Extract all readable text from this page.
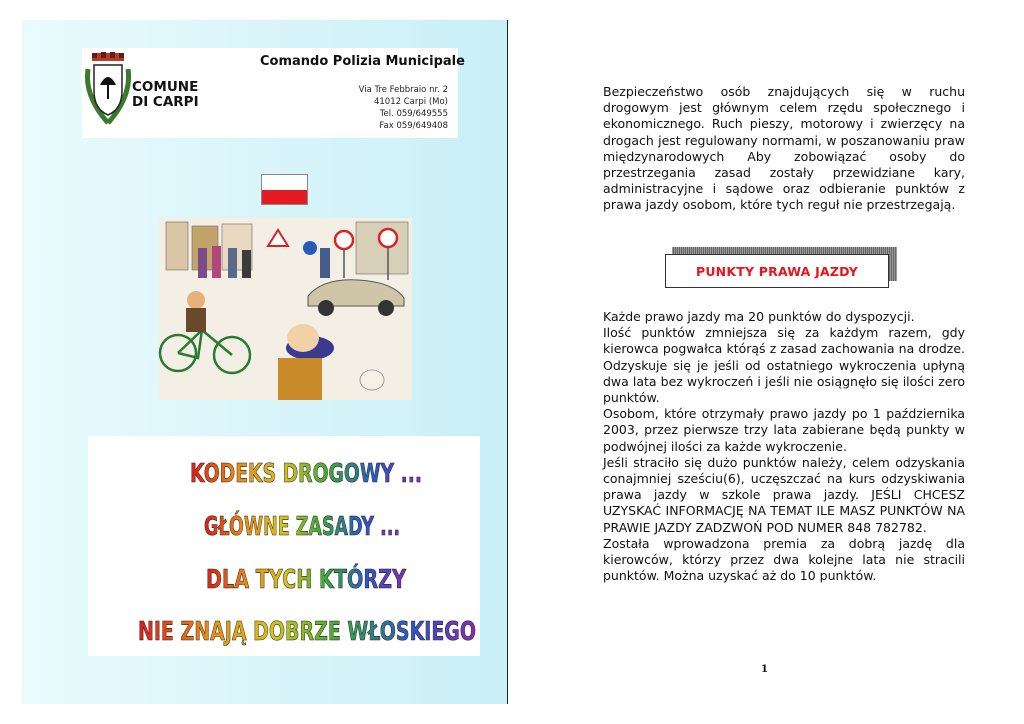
COMUNE
DI CARPI
Comando Polizia Municipale
Via Tre Febbraio nr. 2
41012 Carpi (Mo)
Tel. 059/649555
Fax 059/649408
KODEKS DROGOWY ...
GŁÓWNE ZASADY ...
DLA TYCH KTÓRZY
NIE ZNAJĄ DOBRZE WŁOSKIEGO

Bezpieczeństwo osób znajdujących się w ruchu drogowym jest głównym celem rzędu społecznego i ekonomicznego. Ruch pieszy, motorowy i zwierzęcy na drogach jest regulowany normami, w poszanowaniu praw międzynarodowych Aby zobowiązać osoby do przestrzegania zasad zostały przewidziane kary, administracyjne i sądowe oraz odbieranie punktów z prawa jazdy osobom, które tych reguł nie przestrzegają.

PUNKTY PRAWA JAZDY

Każde prawo jazdy ma 20 punktów do dyspozycji.

Ilość punktów zmniejsza się za każdym razem, gdy kierowca pogwałca którąś z zasad zachowania na drodze. Odzyskuje się je jeśli od ostatniego wykroczenia upłyną dwa lata bez wykroczeń i jeśli nie osiągnęło się ilości zero punktów.

Osobom, które otrzymały prawo jazdy po 1 października 2003, przez pierwsze trzy lata zabierane będą punkty w podwójnej ilości za każde wykroczenie.

Jeśli straciło się dużo punktów należy, celem odzyskania conajmniej sześciu(6), uczęszczać na kurs odzyskiwania prawa jazdy w szkole prawa jazdy. JEŚLI CHCESZ UZYSKAĆ INFORMACJĘ NA TEMAT ILE MASZ PUNKTÓW NA PRAWIE JAZDY ZADZWOŃ POD NUMER 848 782782.

Została wprowadzona premia za dobrą jazdę dla kierowców, którzy przez dwa kolejne lata nie stracili punktów. Można uzyskać aż do 10 punktów.

1
